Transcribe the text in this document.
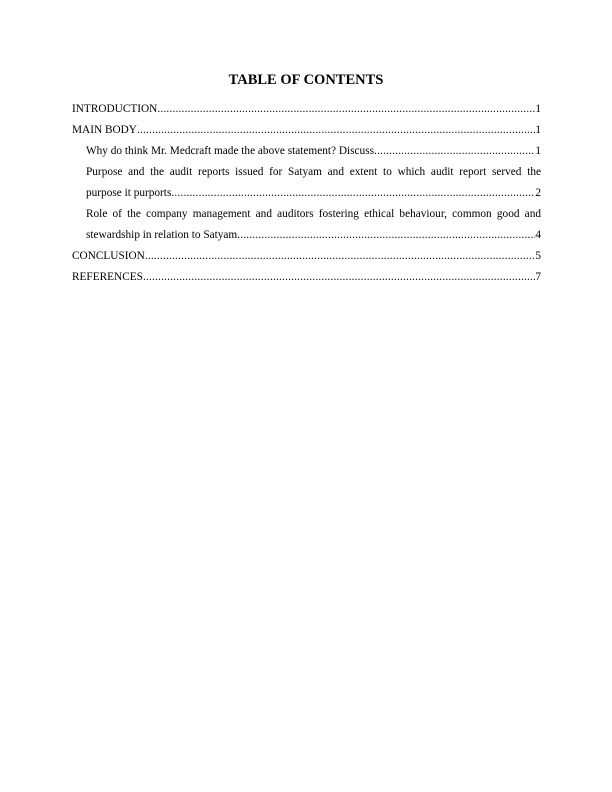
TABLE OF CONTENTS
INTRODUCTION .....	1
MAIN BODY .....	1
Why do think Mr. Medcraft made the above statement? Discuss .....	1
Purpose and the audit reports issued for Satyam and extent to which audit report served the
purpose it purports .....	2
Role of the company management and auditors fostering ethical behaviour, common good and
stewardship in relation to Satyam .....	4
CONCLUSION .....	5
REFERENCES .....	7
